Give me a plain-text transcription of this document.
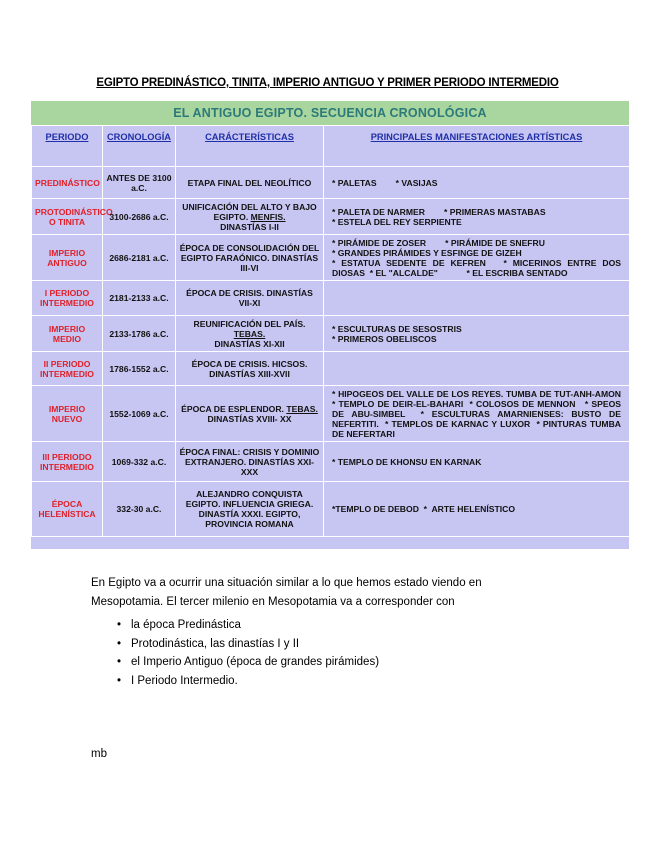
EGIPTO PREDINÁSTICO, TINITA, IMPERIO ANTIGUO Y PRIMER PERIODO INTERMEDIO
EL ANTIGUO EGIPTO. SECUENCIA CRONOLÓGICA
PERIODO	CRONOLOGÍA	CARÁCTERÍSTICAS	PRINCIPALES MANIFESTACIONES ARTÍSTICAS
PREDINÁSTICO	ANTES DE 3100 a.C.	ETAPA FINAL DEL NEOLÍTICO	* PALETAS        * VASIJAS
PROTODINÁSTICO O TINITA	3100-2686 a.C.	UNIFICACIÓN DEL ALTO Y BAJO EGIPTO. MENFIS.
DINASTÍAS I-II	* PALETA DE NARMER        * PRIMERAS MASTABAS
* ESTELA DEL REY SERPIENTE
IMPERIO ANTIGUO	2686-2181 a.C.	ÉPOCA DE CONSOLIDACIÓN DEL EGIPTO FARAÓNICO. DINASTÍAS III-VI	* PIRÁMIDE DE ZOSER        * PIRÁMIDE DE SNEFRU
* GRANDES PIRÁMIDES Y ESFINGE DE GIZEH
* ESTATUA SEDENTE DE KEFREN   * MICERINOS ENTRE DOS DIOSAS  * EL "ALCALDE"            * EL ESCRIBA SENTADO
I PERIODO INTERMEDIO	2181-2133 a.C.	ÉPOCA DE CRISIS. DINASTÍAS VII-XI	
IMPERIO MEDIO	2133-1786 a.C.	REUNIFICACIÓN DEL PAÍS. TEBAS.
DINASTÍAS XI-XII	* ESCULTURAS DE SESOSTRIS
* PRIMEROS OBELISCOS
II PERIODO INTERMEDIO	1786-1552 a.C.	ÉPOCA DE CRISIS. HICSOS. DINASTÍAS XIII-XVII	
IMPERIO NUEVO	1552-1069 a.C.	ÉPOCA DE ESPLENDOR. TEBAS.
DINASTÍAS XVIII- XX	* HIPOGEOS DEL VALLE DE LOS REYES. TUMBA DE TUT-ANH-AMON   * TEMPLO DE DEIR-EL-BAHARI  * COLOSOS DE MENNON   * SPEOS DE ABU-SIMBEL  * ESCULTURAS AMARNIENSES: BUSTO DE NEFERTITI.  * TEMPLOS DE KARNAC Y LUXOR  * PINTURAS TUMBA DE NEFERTARI
III PERIODO INTERMEDIO	1069-332 a.C.	ÉPOCA FINAL: CRISIS Y DOMINIO EXTRANJERO. DINASTÍAS XXI-XXX	* TEMPLO DE KHONSU EN KARNAK
ÉPOCA HELENÍSTICA	332-30 a.C.	ALEJANDRO CONQUISTA EGIPTO. INFLUENCIA GRIEGA. DINASTÍA XXXI. EGIPTO, PROVINCIA ROMANA	*TEMPLO DE DEBOD  *  ARTE HELENÍSTICO
En Egipto va a ocurrir una situación similar a lo que hemos estado viendo en Mesopotamia. El tercer milenio en Mesopotamia va a corresponder con
• la época Predinástica
• Protodinástica, las dinastías I y II
• el Imperio Antiguo (época de grandes pirámides)
• I Periodo Intermedio.
mb
